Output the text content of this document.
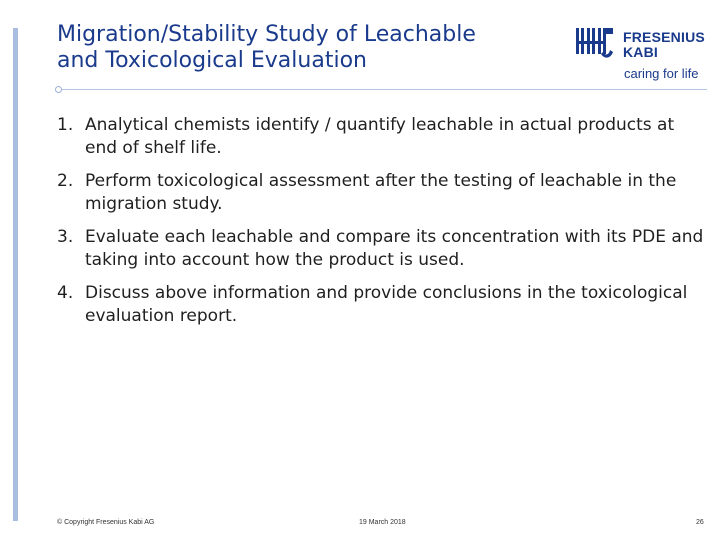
Migration/Stability Study of Leachable
and Toxicological Evaluation
FRESENIUS
KABI
caring for life
1. Analytical chemists identify / quantify leachable in actual products at end of shelf life.
2. Perform toxicological assessment after the testing of leachable in the migration study.
3. Evaluate each leachable and compare its concentration with its PDE and taking into account how the product is used.
4. Discuss above information and provide conclusions in the toxicological evaluation report.
© Copyright Fresenius Kabi AG	19 March 2018	26
